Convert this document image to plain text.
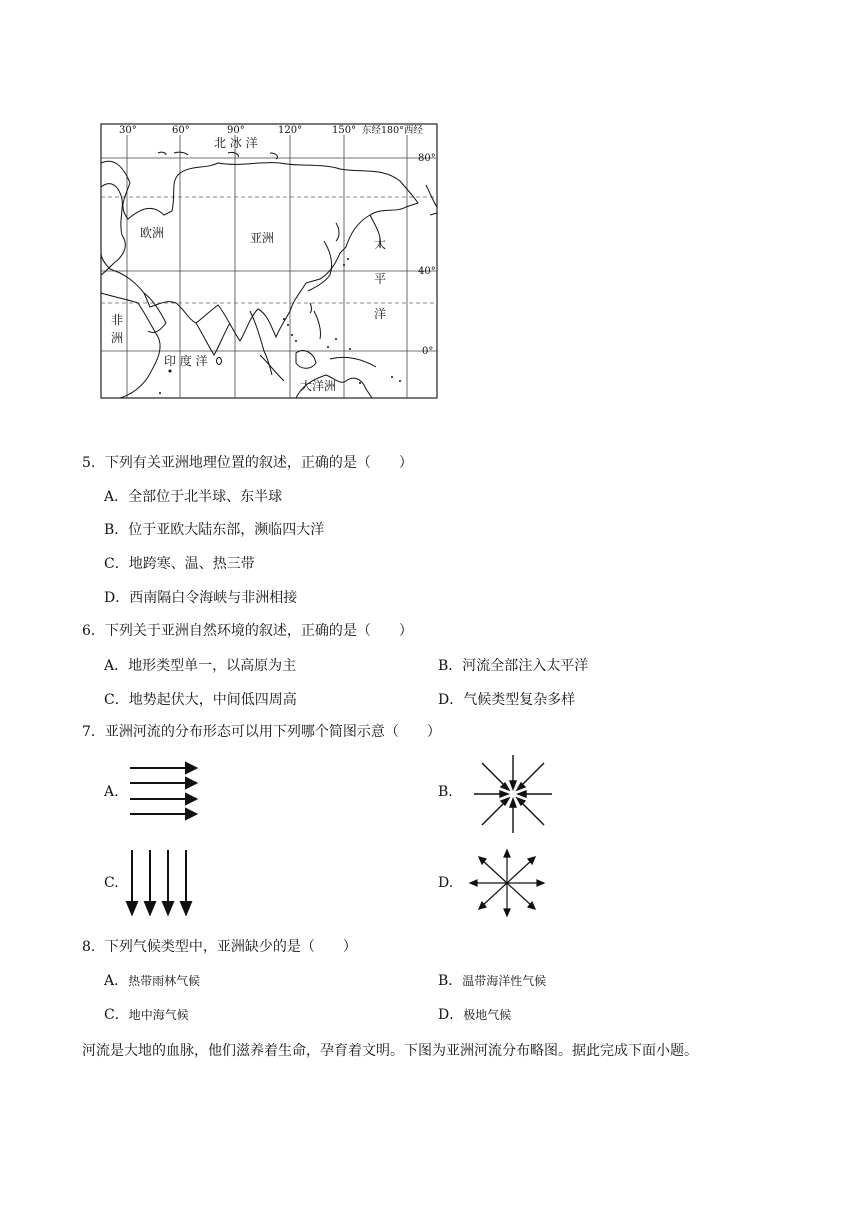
30°	60°	90°	120°	150° 东经180°西经
80°
40°
0°
北 冰 洋
欧洲	亚洲
非
洲
印 度 洋
太
平
洋
大洋洲
5．下列有关亚洲地理位置的叙述，正确的是（　　）
A．全部位于北半球、东半球
B．位于亚欧大陆东部，濒临四大洋
C．地跨寒、温、热三带
D．西南隔白令海峡与非洲相接
6．下列关于亚洲自然环境的叙述，正确的是（　　）
A．地形类型单一，以高原为主	B．河流全部注入太平洋
C．地势起伏大，中间低四周高	D．气候类型复杂多样
7．亚洲河流的分布形态可以用下列哪个简图示意（　　）
A.	B.
C.	D.
8．下列气候类型中，亚洲缺少的是（　　）
A．热带雨林气候	B．温带海洋性气候
C．地中海气候	D．极地气候
河流是大地的血脉，他们滋养着生命，孕育着文明。下图为亚洲河流分布略图。据此完成下面小题。
